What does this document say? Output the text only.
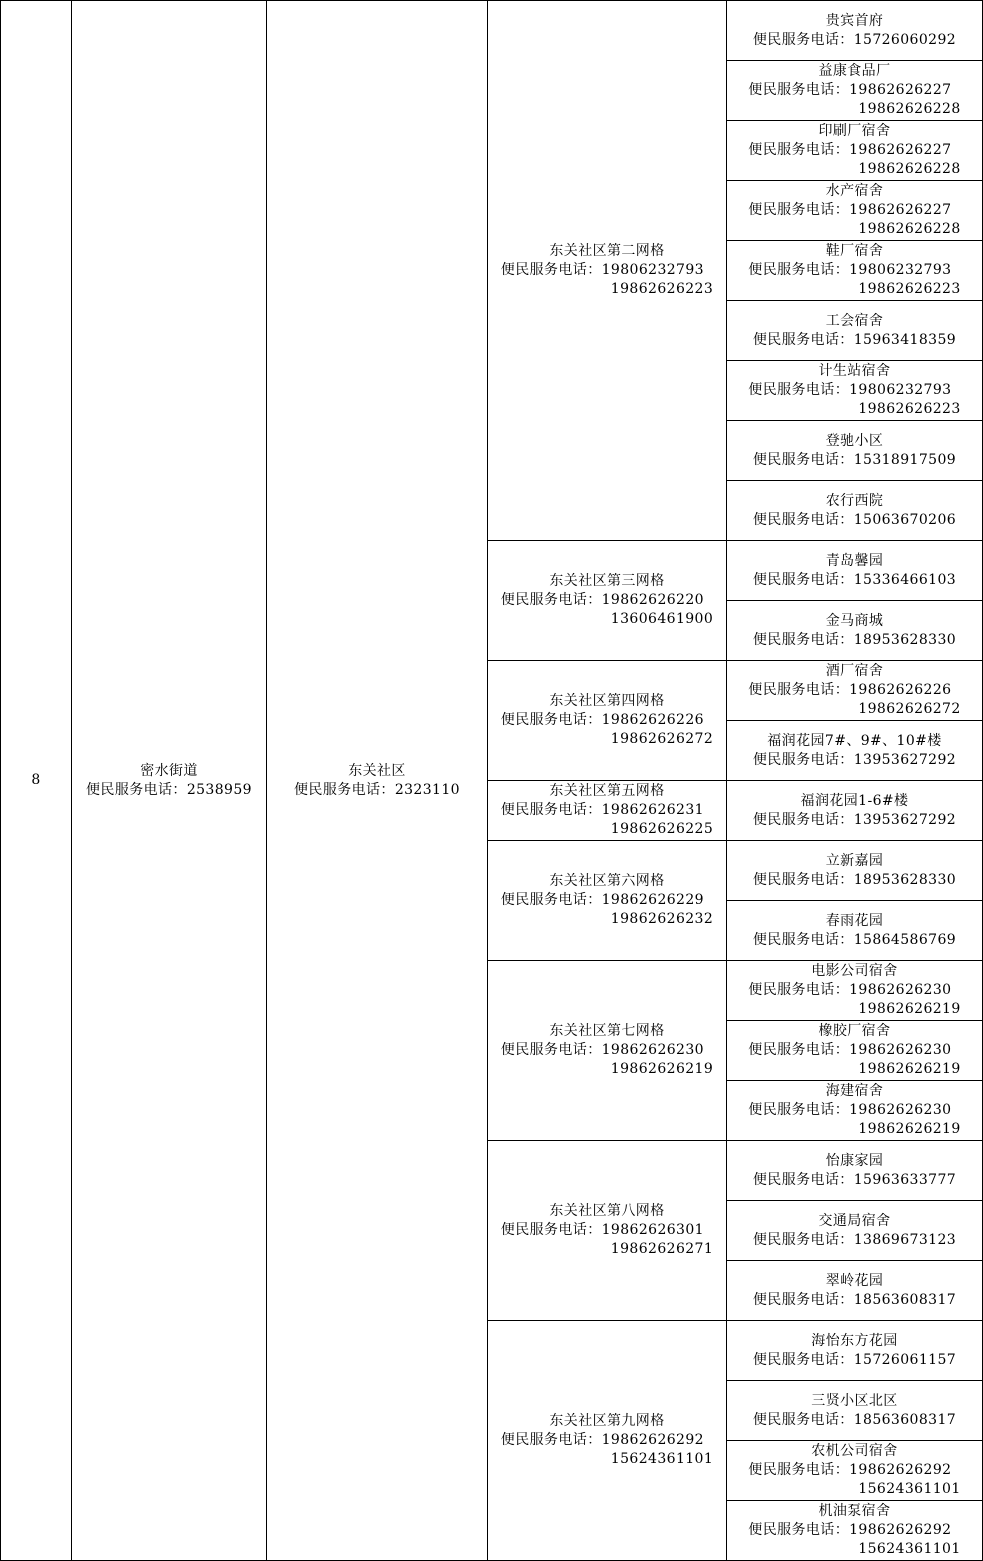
8
密水街道
便民服务电话：2538959
东关社区
便民服务电话：2323110
东关社区第二网格
便民服务电话：19806232793
19862626223
东关社区第三网格
便民服务电话：19862626220
13606461900
东关社区第四网格
便民服务电话：19862626226
19862626272
东关社区第五网格
便民服务电话：19862626231
19862626225
东关社区第六网格
便民服务电话：19862626229
19862626232
东关社区第七网格
便民服务电话：19862626230
19862626219
东关社区第八网格
便民服务电话：19862626301
19862626271
东关社区第九网格
便民服务电话：19862626292
15624361101
贵宾首府
便民服务电话：15726060292
益康食品厂
便民服务电话：19862626227
19862626228
印刷厂宿舍
便民服务电话：19862626227
19862626228
水产宿舍
便民服务电话：19862626227
19862626228
鞋厂宿舍
便民服务电话：19806232793
19862626223
工会宿舍
便民服务电话：15963418359
计生站宿舍
便民服务电话：19806232793
19862626223
登驰小区
便民服务电话：15318917509
农行西院
便民服务电话：15063670206
青岛馨园
便民服务电话：15336466103
金马商城
便民服务电话：18953628330
酒厂宿舍
便民服务电话：19862626226
19862626272
福润花园7#、9#、10#楼
便民服务电话：13953627292
福润花园1-6#楼
便民服务电话：13953627292
立新嘉园
便民服务电话：18953628330
春雨花园
便民服务电话：15864586769
电影公司宿舍
便民服务电话：19862626230
19862626219
橡胶厂宿舍
便民服务电话：19862626230
19862626219
海建宿舍
便民服务电话：19862626230
19862626219
怡康家园
便民服务电话：15963633777
交通局宿舍
便民服务电话：13869673123
翠岭花园
便民服务电话：18563608317
海怡东方花园
便民服务电话：15726061157
三贤小区北区
便民服务电话：18563608317
农机公司宿舍
便民服务电话：19862626292
15624361101
机油泵宿舍
便民服务电话：19862626292
15624361101
